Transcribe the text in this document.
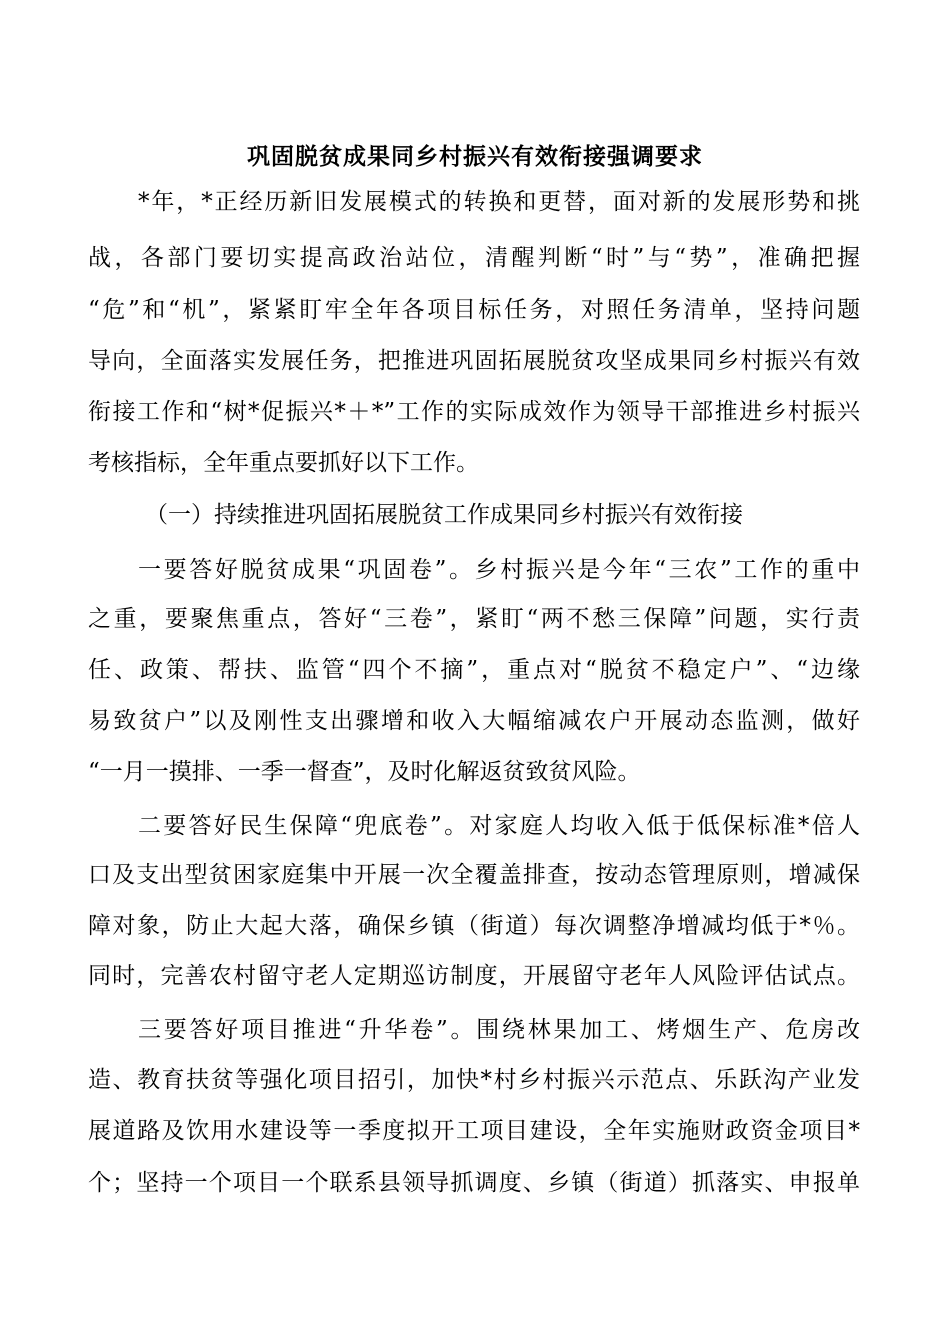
巩固脱贫成果同乡村振兴有效衔接强调要求
*年，*正经历新旧发展模式的转换和更替，面对新的发展形势和挑
战，各部门要切实提高政治站位，清醒判断“时”与“势”，准确把握
“危”和“机”，紧紧盯牢全年各项目标任务，对照任务清单，坚持问题
导向，全面落实发展任务，把推进巩固拓展脱贫攻坚成果同乡村振兴有效
衔接工作和“树*促振兴*＋*”工作的实际成效作为领导干部推进乡村振兴
考核指标，全年重点要抓好以下工作。
（一）持续推进巩固拓展脱贫工作成果同乡村振兴有效衔接
一要答好脱贫成果“巩固卷”。乡村振兴是今年“三农”工作的重中
之重，要聚焦重点，答好“三卷”，紧盯“两不愁三保障”问题，实行责
任、政策、帮扶、监管“四个不摘”，重点对“脱贫不稳定户”、“边缘
易致贫户”以及刚性支出骤增和收入大幅缩减农户开展动态监测，做好
“一月一摸排、一季一督查”，及时化解返贫致贫风险。
二要答好民生保障“兜底卷”。对家庭人均收入低于低保标准*倍人
口及支出型贫困家庭集中开展一次全覆盖排查，按动态管理原则，增减保
障对象，防止大起大落，确保乡镇（街道）每次调整净增减均低于*％。
同时，完善农村留守老人定期巡访制度，开展留守老年人风险评估试点。
三要答好项目推进“升华卷”。围绕林果加工、烤烟生产、危房改
造、教育扶贫等强化项目招引，加快*村乡村振兴示范点、乐跃沟产业发
展道路及饮用水建设等一季度拟开工项目建设，全年实施财政资金项目*
个；坚持一个项目一个联系县领导抓调度、乡镇（街道）抓落实、申报单
